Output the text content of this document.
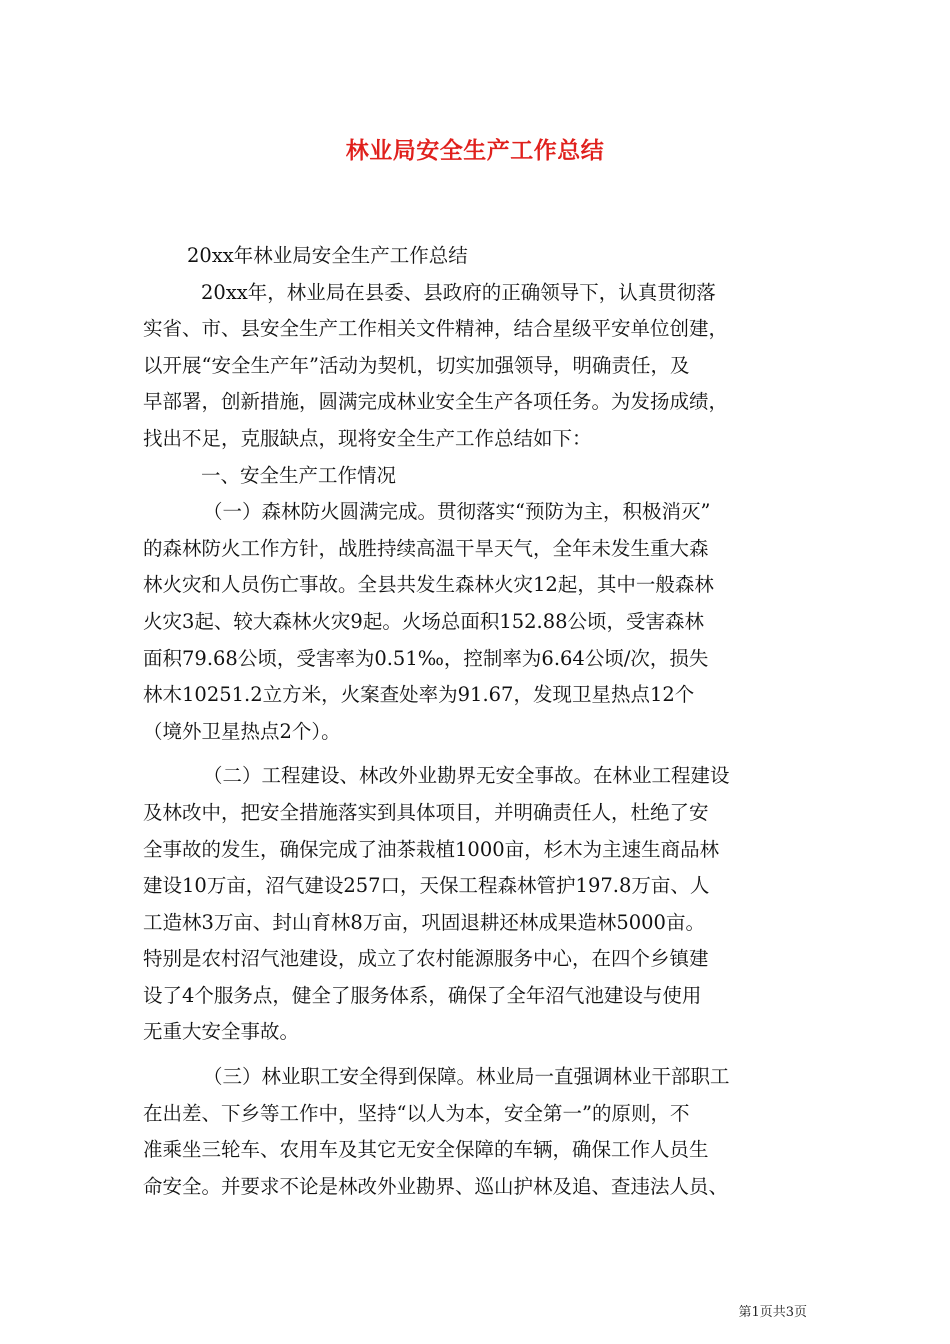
林业局安全生产工作总结

20xx年林业局安全生产工作总结

20xx年，林业局在县委、县政府的正确领导下，认真贯彻落

实省、市、县安全生产工作相关文件精神，结合星级平安单位创建，

以开展“安全生产年”活动为契机，切实加强领导，明确责任，及

早部署，创新措施，圆满完成林业安全生产各项任务。为发扬成绩，

找出不足，克服缺点，现将安全生产工作总结如下：

一、安全生产工作情况

（一）森林防火圆满完成。贯彻落实“预防为主，积极消灭”

的森林防火工作方针，战胜持续高温干旱天气，全年未发生重大森

林火灾和人员伤亡事故。全县共发生森林火灾12起，其中一般森林

火灾3起、较大森林火灾9起。火场总面积152.88公顷，受害森林

面积79.68公顷，受害率为0.51‰，控制率为6.64公顷/次，损失

林木10251.2立方米，火案查处率为91.67，发现卫星热点12个

（境外卫星热点2个）。

（二）工程建设、林改外业勘界无安全事故。在林业工程建设

及林改中，把安全措施落实到具体项目，并明确责任人，杜绝了安

全事故的发生，确保完成了油茶栽植1000亩，杉木为主速生商品林

建设10万亩，沼气建设257口，天保工程森林管护197.8万亩、人

工造林3万亩、封山育林8万亩，巩固退耕还林成果造林5000亩。

特别是农村沼气池建设，成立了农村能源服务中心，在四个乡镇建

设了4个服务点，健全了服务体系，确保了全年沼气池建设与使用

无重大安全事故。

（三）林业职工安全得到保障。林业局一直强调林业干部职工

在出差、下乡等工作中，坚持“以人为本，安全第一”的原则，不

准乘坐三轮车、农用车及其它无安全保障的车辆，确保工作人员生

命安全。并要求不论是林改外业勘界、巡山护林及追、查违法人员、

第1页共3页
